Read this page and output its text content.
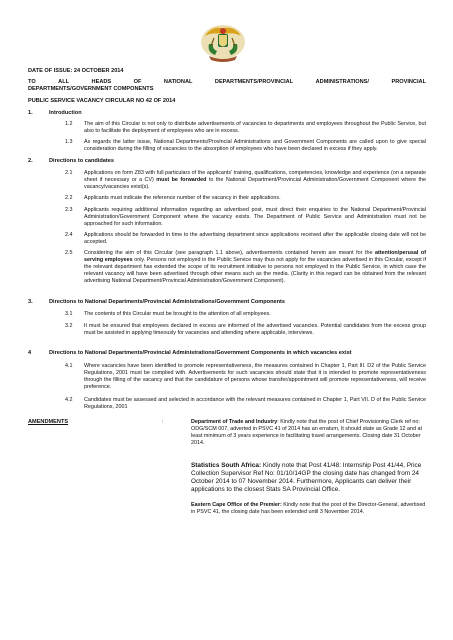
DATE OF ISSUE: 24 OCTOBER 2014
TO	ALL	HEADS	OF	NATIONAL	DEPARTMENTS/PROVINCIAL	ADMINISTRATIONS/	PROVINCIAL
DEPARTMENTS/GOVERNMENT COMPONENTS
PUBLIC SERVICE VACANCY CIRCULAR NO 42 OF 2014
1.	Introduction
1.2 The aim of this Circular is not only to distribute advertisements of vacancies to departments and employees throughout the Public Service, but also to facilitate the deployment of employees who are in excess.
1.3 As regards the latter issue, National Departments/Provincial Administrations and Government Components are called upon to give special consideration during the filling of vacancies to the absorption of employees who have been declared in excess if they apply.
2.	Directions to candidates
2.1 Applications on form Z83 with full particulars of the applicants' training, qualifications, competencies, knowledge and experience (on a separate sheet if necessary or a CV) must be forwarded to the National Department/Provincial Administration/Government Component where the vacancy/vacancies exist(s).
2.2 Applicants must indicate the reference number of the vacancy in their applications.
2.3 Applicants requiring additional information regarding an advertised post, must direct their enquiries to the National Department/Provincial Administration/Government Component where the vacancy exists. The Department of Public Service and Administration must not be approached for such information.
2.4 Applications should be forwarded in time to the advertising department since applications received after the applicable closing date will not be accepted.
2.5 Considering the aim of this Circular (see paragraph 1.1 above), advertisements contained herein are meant for the attention/perusal of serving employees only. Persons not employed in the Public Service may thus not apply for the vacancies advertised in this Circular, except if the relevant department has extended the scope of its recruitment initiative to persons not employed in the Public Service, in which case the relevant vacancy will have been advertised through other means such as the media. (Clarity in this regard can be obtained from the relevant advertising National Department/Provincial Administration/Government Component).
3.	Directions to National Departments/Provincial Administrations/Government Components
3.1 The contents of this Circular must be brought to the attention of all employees.
3.2 It must be ensured that employees declared in excess are informed of the advertised vacancies. Potential candidates from the excess group must be assisted in applying timeously for vacancies and attending where applicable, interviews.
4	Directions to National Departments/Provincial Administrations/Government Components in which vacancies exist
4.1 Where vacancies have been identified to promote representativeness, the measures contained in Chapter 1, Part III. D2 of the Public Service Regulations, 2001 must be complied with. Advertisements for such vacancies should state that it is intended to promote representativeness through the filling of the vacancy and that the candidature of persons whose transfer/appointment will promote representativeness, will receive preference.
4.2 Candidates must be assessed and selected in accordance with the relevant measures contained in Chapter 1, Part VII. D of the Public Service Regulations, 2001
AMENDMENTS	:	Department of Trade and Industry: Kindly note that the post of Chief Provisioning Clerk ref no: ODG/SCM 007, adverted in PSVC 41 of 2014 has an erratum, It should state as Grade 12 and at least minimum of 3 years experience in facilitating travel arrangements. Closing date 31 October 2014.
Statistics South Africa: Kindly note that Post 41/48: Internship Post 41/44, Price Collection Supervisor Ref No: 01/10/14GP the closing date has changed from 24 October 2014 to 07 November 2014. Furthermore, Applicants can deliver their applications to the closest Stats SA Provincial Office.
Eastern Cape Office of the Premier: Kindly note that the post of the Director-General, advertised in PSVC 41, the closing date has been extended until 3 November 2014.
